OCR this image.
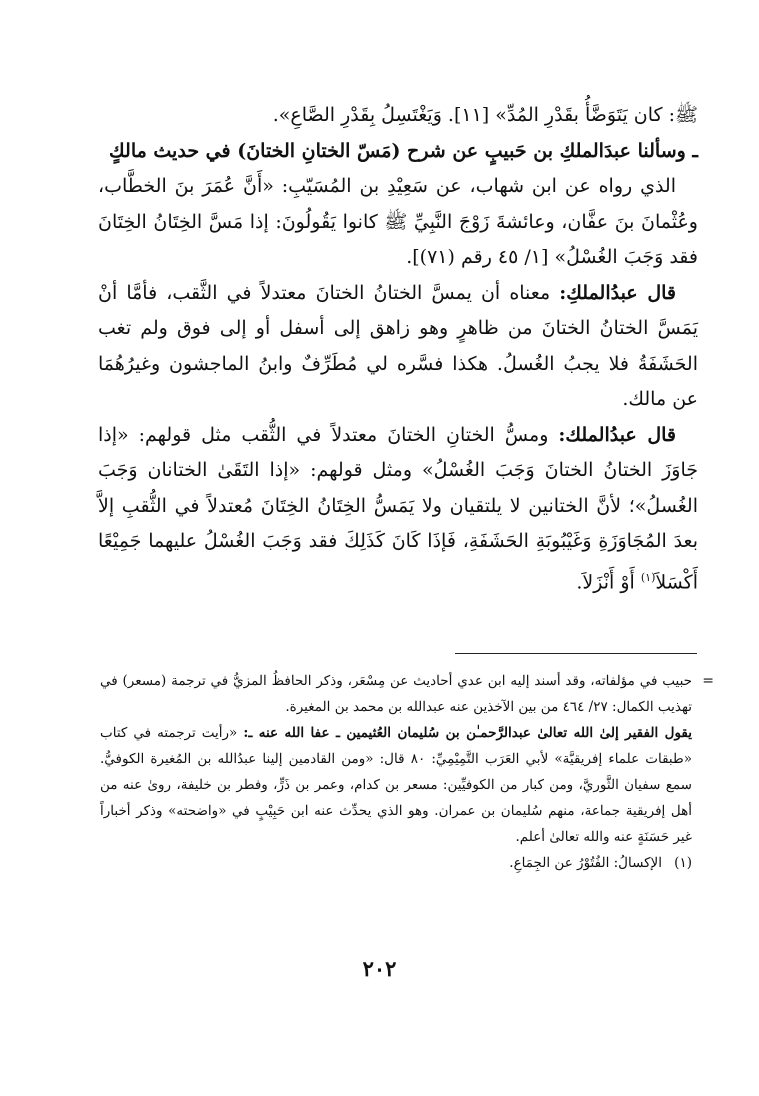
ﷺ: كان يَتَوَضَّأُ بقَدْرِ المُدِّ» [١١]. وَيَغْتَسِلُ بِقَدْرِ الصَّاعِ».

ـ وسألنا عبدَالملكِ بن حَبيبٍ عن شرح (مَسّ الختانِ الختانَ) في حديث مالكٍ

الذي رواه عن ابن شهاب، عن سَعِيْدِ بن المُسَيّبِ: «أَنَّ عُمَرَ بنَ الخطَّاب، وعُثْمانَ بنَ عفَّان، وعائشةَ زَوْجَ النَّبِيِّ ﷺ كانوا يَقُولُونَ: إذا مَسَّ الخِتَانُ الخِتَانَ فقد وَجَبَ الغُسْلُ» [١/ ٤٥ رقم (٧١)].

قال عبدُالملكِ: معناه أن يمسَّ الختانُ الختانَ معتدلاً في الثَّقب، فأمَّا أنْ يَمَسَّ الختانُ الختانَ من ظاهرٍ وهو زاهق إلى أسفل أو إلى فوق ولم تغب الحَشَفَةُ فلا يجبُ الغُسلُ. هكذا فسَّره لي مُطَرِّفٌ وابنُ الماجشون وغيرُهُمَا عن مالك.

قال عبدُالملك: ومسُّ الختانِ الختانَ معتدلاً في الثُّقب مثل قولهم: «إذا جَاوَزَ الختانُ الختانَ وَجَبَ الغُسْلُ» ومثل قولهم: «إذا التَقَىٰ الختانان وَجَبَ الغُسلُ»؛ لأنَّ الختانين لا يلتقيان ولا يَمَسُّ الخِتَانُ الخِتَانَ مُعتدلاً في الثُّقبِ إلاَّ بعدَ المُجَاوَزَةِ وَغَيْبُوبَةِ الحَشَفَةِ، فَإذَا كَانَ كَذَلِكَ فقد وَجَبَ الغُسْلُ عليهما جَمِيْعًا أَكْسَلاَ$^{(١)}$ أَوْ أَنْزَلاَ.

=

حبيب في مؤلفاته، وقد أسند إليه ابن عدي أحاديث عن مِسْعَر، وذكر الحافظُ المزيُّ في ترجمة (مسعر) في تهذيب الكمال: ٢٧/ ٤٦٤ من بين الآخذين عنه عبدالله بن محمد بن المغيرة.

يقول الفقير إلىٰ الله تعالىٰ عبدالرَّحمـٰن بن سُليمان العُثيمين ـ عفا الله عنه ـ: «رأيت ترجمته في كتاب «طبقات علماء إفريقيَّة» لأبي العَرَب التَّمِيْمِيِّ: ٨٠ قال: «ومن القادمين إلينا عبدُالله بن المُغيرة الكوفيُّ. سمع سفيان الثَّوريَّ، ومن كبار من الكوفيِّين: مسعر بن كدام، وعمر بن ذَرٍّ، وفطر بن خليفة، رویٰ عنه من أهل إفريقية جماعة، منهم سُليمان بن عمران. وهو الذي يحدِّث عنه ابن حَبِيْبٍ في «واضحته» وذكر أخباراً غير حَسَنَةٍ عنه والله تعالىٰ أعلم.

(١)الإكسالُ: الفُتُوْرُ عن الجِمَاعِ.

٢٠٢
